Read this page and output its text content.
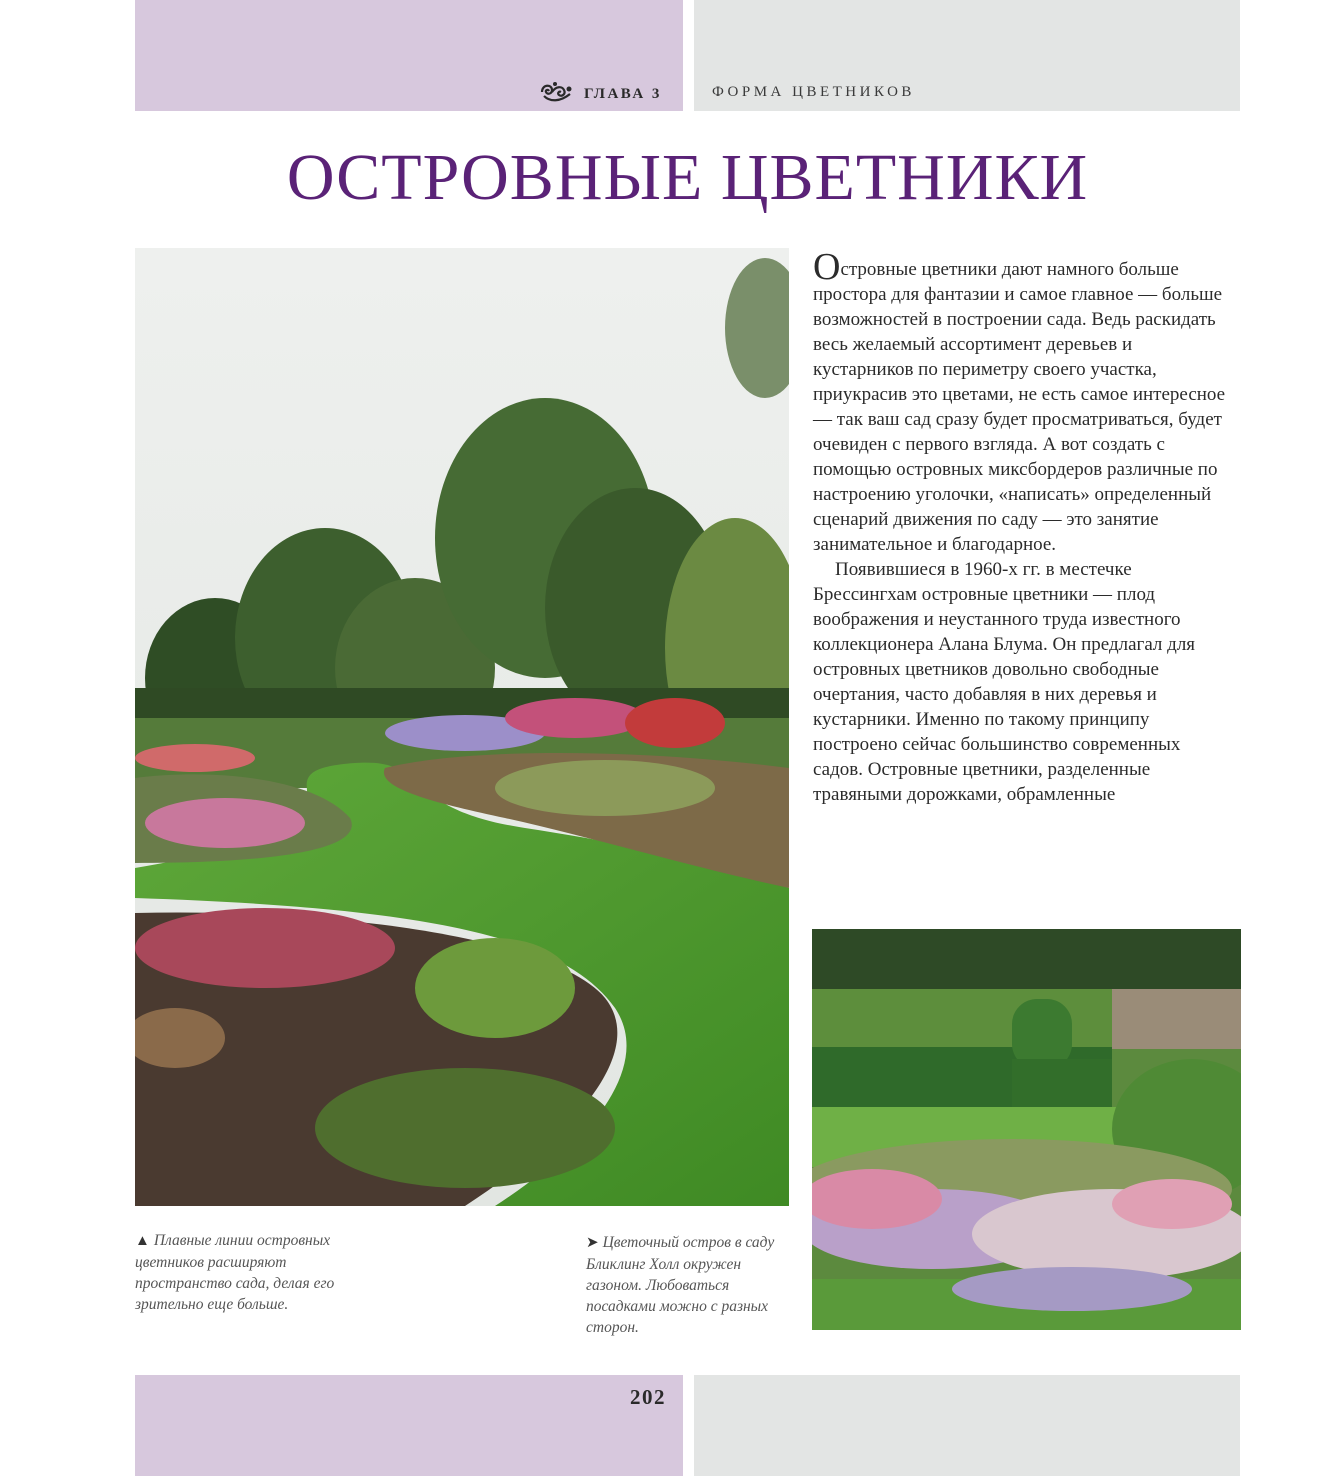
ГЛАВА 3	ФОРМА ЦВЕТНИКОВ
ОСТРОВНЫЕ ЦВЕТНИКИ

Островные цветники дают намного больше простора для фантазии и самое главное — больше возможностей в построении сада. Ведь раскидать весь желаемый ассортимент деревьев и кустарников по периметру своего участка, приукрасив это цветами, не есть самое интересное — так ваш сад сразу будет просматриваться, будет очевиден с первого взгляда. А вот создать с помощью островных миксбордеров различные по настроению уголочки, «написать» определенный сценарий движения по саду — это занятие занимательное и благодарное.

Появившиеся в 1960-х гг. в местечке Брессингхам островные цветники — плод воображения и неустанного труда известного коллекционера Алана Блума. Он предлагал для островных цветников довольно свободные очертания, часто добавляя в них деревья и кустарники. Именно по такому принципу построено сейчас большинство современных садов. Островные цветники, разделенные травяными дорожками, обрамленные

▲ Плавные линии островных цветников расширяют пространство сада, делая его зрительно еще больше.
➤ Цветочный остров в саду Бликлинг Холл окружен газоном. Любоваться посадками можно с разных сторон.
202
